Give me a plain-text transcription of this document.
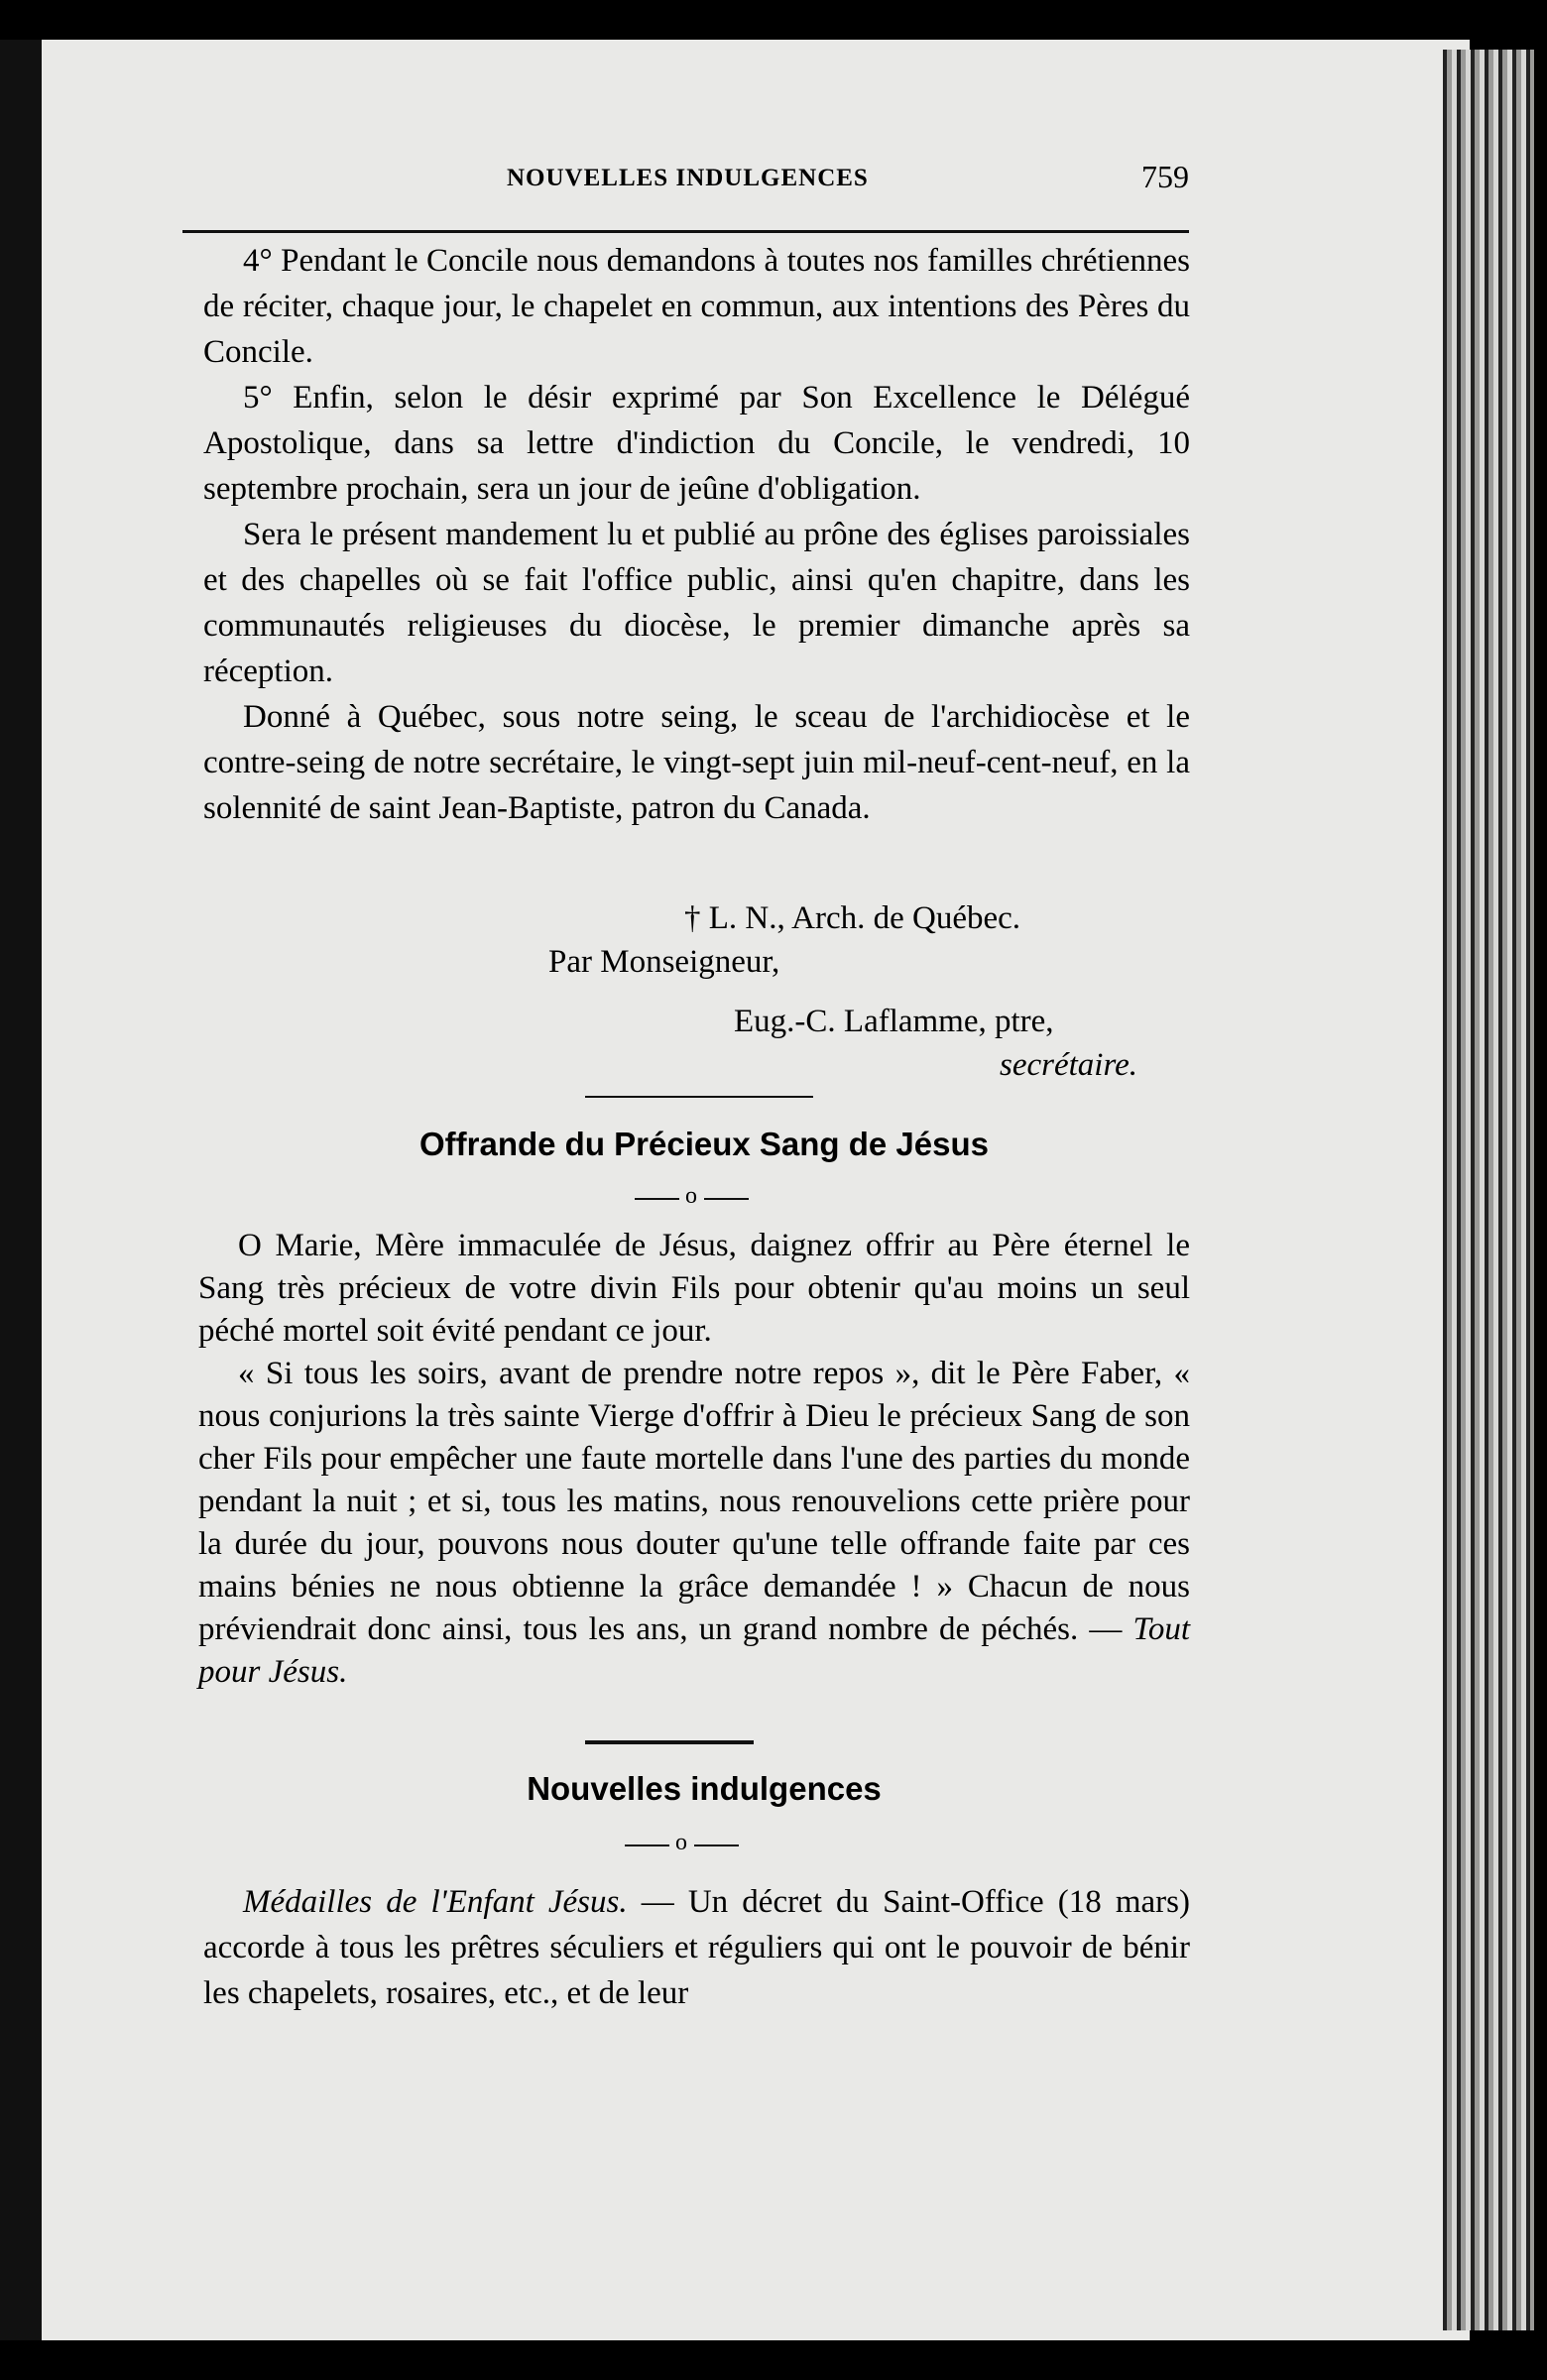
NOUVELLES INDULGENCES	759

4° Pendant le Concile nous demandons à toutes nos familles chrétiennes de réciter, chaque jour, le chapelet en commun, aux intentions des Pères du Concile.

5° Enfin, selon le désir exprimé par Son Excellence le Délégué Apostolique, dans sa lettre d'indiction du Concile, le vendredi, 10 septembre prochain, sera un jour de jeûne d'obligation.

Sera le présent mandement lu et publié au prône des églises paroissiales et des chapelles où se fait l'office public, ainsi qu'en chapitre, dans les communautés religieuses du diocèse, le premier dimanche après sa réception.

Donné à Québec, sous notre seing, le sceau de l'archidiocèse et le contre-seing de notre secrétaire, le vingt-sept juin mil-neuf-cent-neuf, en la solennité de saint Jean-Baptiste, patron du Canada.

† L. N., Arch. de Québec.
Par Monseigneur,
Eug.-C. Laflamme, ptre,
secrétaire.
Offrande du Précieux Sang de Jésus
o

O Marie, Mère immaculée de Jésus, daignez offrir au Père éternel le Sang très précieux de votre divin Fils pour obtenir qu'au moins un seul péché mortel soit évité pendant ce jour.

« Si tous les soirs, avant de prendre notre repos », dit le Père Faber, « nous conjurions la très sainte Vierge d'offrir à Dieu le précieux Sang de son cher Fils pour empêcher une faute mortelle dans l'une des parties du monde pendant la nuit ; et si, tous les matins, nous renouvelions cette prière pour la durée du jour, pouvons nous douter qu'une telle offrande faite par ces mains bénies ne nous obtienne la grâce demandée ! » Chacun de nous préviendrait donc ainsi, tous les ans, un grand nombre de péchés. — Tout pour Jésus.

Nouvelles indulgences
o

Médailles de l'Enfant Jésus. — Un décret du Saint-Office (18 mars) accorde à tous les prêtres séculiers et réguliers qui ont le pouvoir de bénir les chapelets, rosaires, etc., et de leur
